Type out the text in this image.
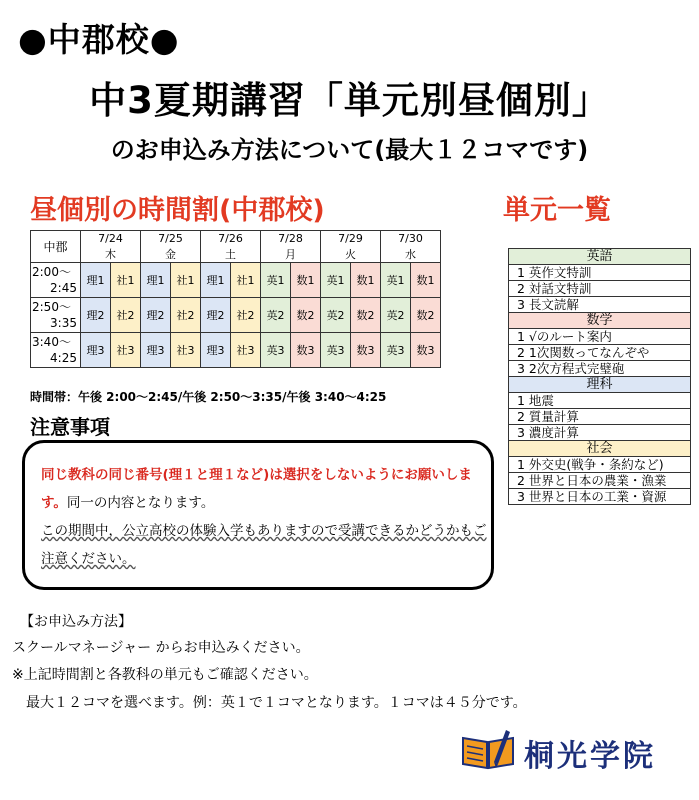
●中郡校●
中3夏期講習「単元別昼個別」
のお申込み方法について(最大１２コマです)
昼個別の時間割(中郡校)	単元一覧
中郡	7/24		7/25		7/26		7/28		7/29		7/30	
	木		金		土		月		火		水	

2:00～
2:45	理1	社1	理1	社1	理1	社1	英1	数1	英1	数1	英1	数1

2:50～
3:35	理2	社2	理2	社2	理2	社2	英2	数2	英2	数2	英2	数2

3:40～
4:25	理3	社3	理3	社3	理3	社3	英3	数3	英3	数3	英3	数3
時間帯：午後 2:00～2:45/午後 2:50～3:35/午後 3:40～4:25
注意事項
同じ教科の同じ番号(理１と理１など)は選択をしないようにお願いします。同一の内容となります。
この期間中，公立高校の体験入学もありますので受講できるかどうかもご注意ください。
英語
1 英作文特訓
2 対話文特訓
3 長文読解
数学
1 √のルート案内
2 1次関数ってなんぞや
3 2次方程式完璧砲
理科
1 地震
2 質量計算
3 濃度計算
社会
1 外交史(戦争・条約など)
2 世界と日本の農業・漁業
3 世界と日本の工業・資源
【お申込み方法】
スクールマネージャー からお申込みください。
※上記時間割と各教科の単元もご確認ください。
最大１２コマを選べます。例：英１で１コマとなります。１コマは４５分です。
桐光学院
